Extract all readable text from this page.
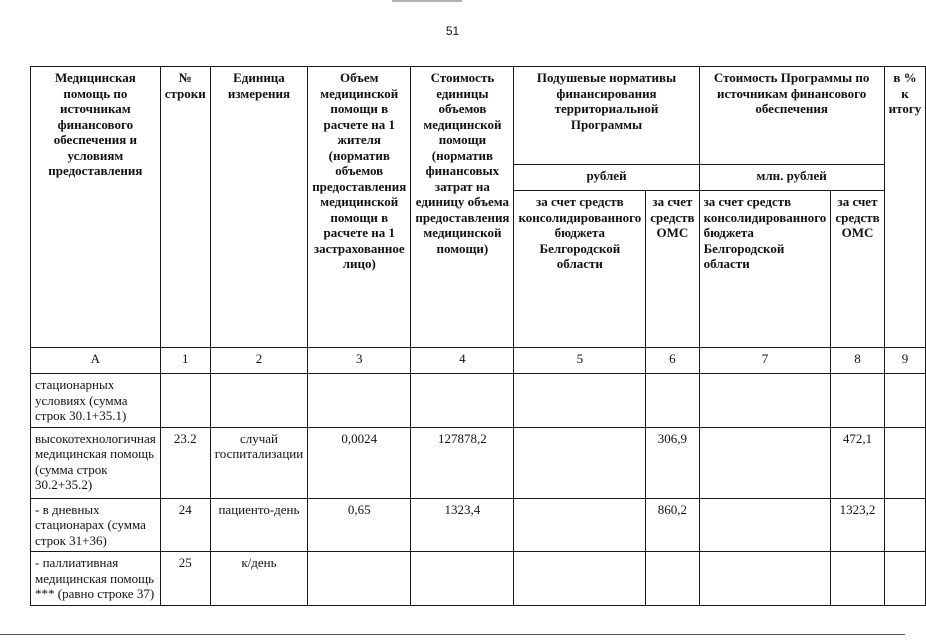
51
Медицинская помощь по источникам финансового обеспечения и условиям предоставления	№ строки	Единица измерения	Объем медицинской помощи в расчете на 1 жителя (норматив объемов предоставления медицинской помощи в расчете на 1 застрахованное лицо)	Стоимость единицы объемов медицинской помощи (норматив финансовых затрат на единицу объема предоставления медицинской помощи)	Подушевые нормативы финансирования территориальной Программы		Стоимость Программы по источникам финансового обеспечения		в % к итогу
					рублей		млн. рублей		
					за счет средств консолидированного бюджета Белгородской области	за счет средств ОМС	за счет средств консолидированного бюджета Белгородской области	за счет средств ОМС	
А	1	2	3	4	5	6	7	8	9
стационарных условиях (сумма строк 30.1+35.1)									
высокотехнологичная медицинская помощь (сумма строк 30.2+35.2)	23.2	случай госпитализации	0,0024	127878,2		306,9		472,1	
- в дневных стационарах (сумма строк 31+36)	24	пациенто-день	0,65	1323,4		860,2		1323,2	
- паллиативная медицинская помощь *** (равно строке 37)	25	к/день							
